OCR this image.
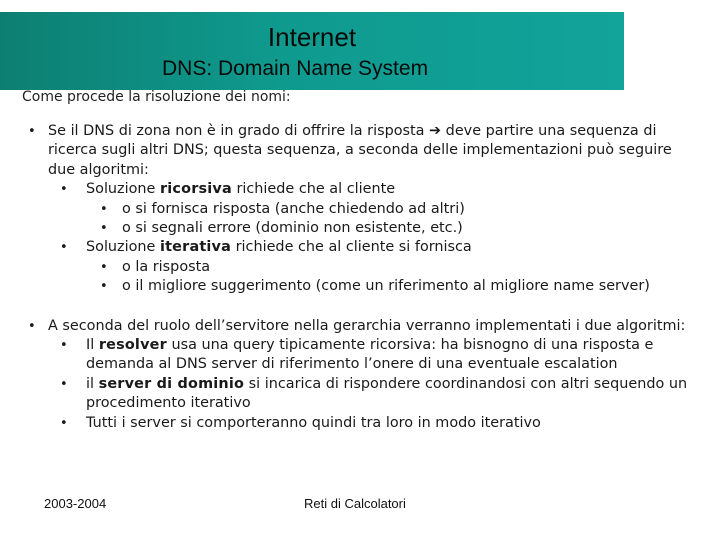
Internet
DNS: Domain Name System
Come procede la risoluzione dei nomi:
• Se il DNS di zona non è in grado di offrire la risposta ➔ deve partire una sequenza di ricerca sugli altri DNS; questa sequenza, a seconda delle implementazioni può seguire due algoritmi:
• Soluzione ricorsiva richiede che al cliente
• o si fornisca risposta (anche chiedendo ad altri)
• o si segnali errore (dominio non esistente, etc.)
• Soluzione iterativa richiede che al cliente si fornisca
• o la risposta
• o il migliore suggerimento (come un riferimento al migliore name server)
• A seconda del ruolo dell’servitore nella gerarchia verranno implementati i due algoritmi:
• Il resolver usa una query tipicamente ricorsiva: ha bisnogno di una risposta e demanda al DNS server di riferimento l’onere di una eventuale escalation
• il server di dominio si incarica di rispondere coordinandosi con altri sequendo un procedimento iterativo
• Tutti i server si comporteranno quindi tra loro in modo iterativo
2003-2004	Reti di Calcolatori
